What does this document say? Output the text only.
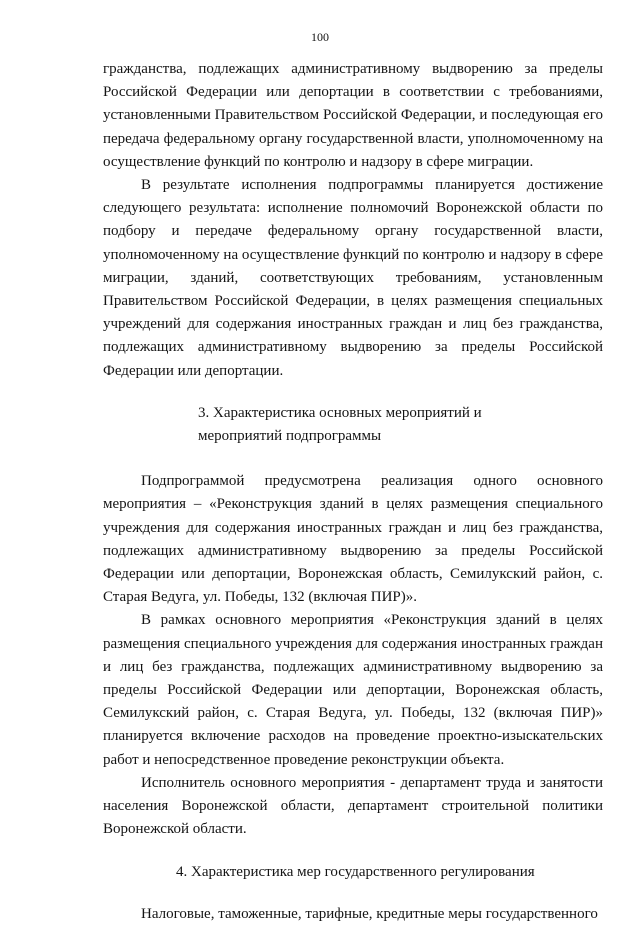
100

гражданства, подлежащих административному выдворению за пределы Российской Федерации или депортации в соответствии с требованиями, установленными Правительством Российской Федерации, и последующая его передача федеральному органу государственной власти, уполномоченному на осуществление функций по контролю и надзору в сфере миграции.

В результате исполнения подпрограммы планируется достижение следующего результата: исполнение полномочий Воронежской области по подбору и передаче федеральному органу государственной власти, уполномоченному на осуществление функций по контролю и надзору в сфере миграции, зданий, соответствующих требованиям, установленным Правительством Российской Федерации, в целях размещения специальных учреждений для содержания иностранных граждан и лиц без гражданства, подлежащих административному выдворению за пределы Российской Федерации или депортации.

3. Характеристика основных мероприятий и

мероприятий подпрограммы

Подпрограммой предусмотрена реализация одного основного мероприятия – «Реконструкция зданий в целях размещения специального учреждения для содержания иностранных граждан и лиц без гражданства, подлежащих административному выдворению за пределы Российской Федерации или депортации, Воронежская область, Семилукский район, с. Старая Ведуга, ул. Победы, 132 (включая ПИР)».

В рамках основного мероприятия «Реконструкция зданий в целях размещения специального учреждения для содержания иностранных граждан и лиц без гражданства, подлежащих административному выдворению за пределы Российской Федерации или депортации, Воронежская область, Семилукский район, с. Старая Ведуга, ул. Победы, 132 (включая ПИР)» планируется включение расходов на проведение проектно-изыскательских работ и непосредственное проведение реконструкции объекта.

Исполнитель основного мероприятия - департамент труда и занятости населения Воронежской области, департамент строительной политики Воронежской области.

4. Характеристика мер государственного регулирования

Налоговые, таможенные, тарифные, кредитные меры государственного
